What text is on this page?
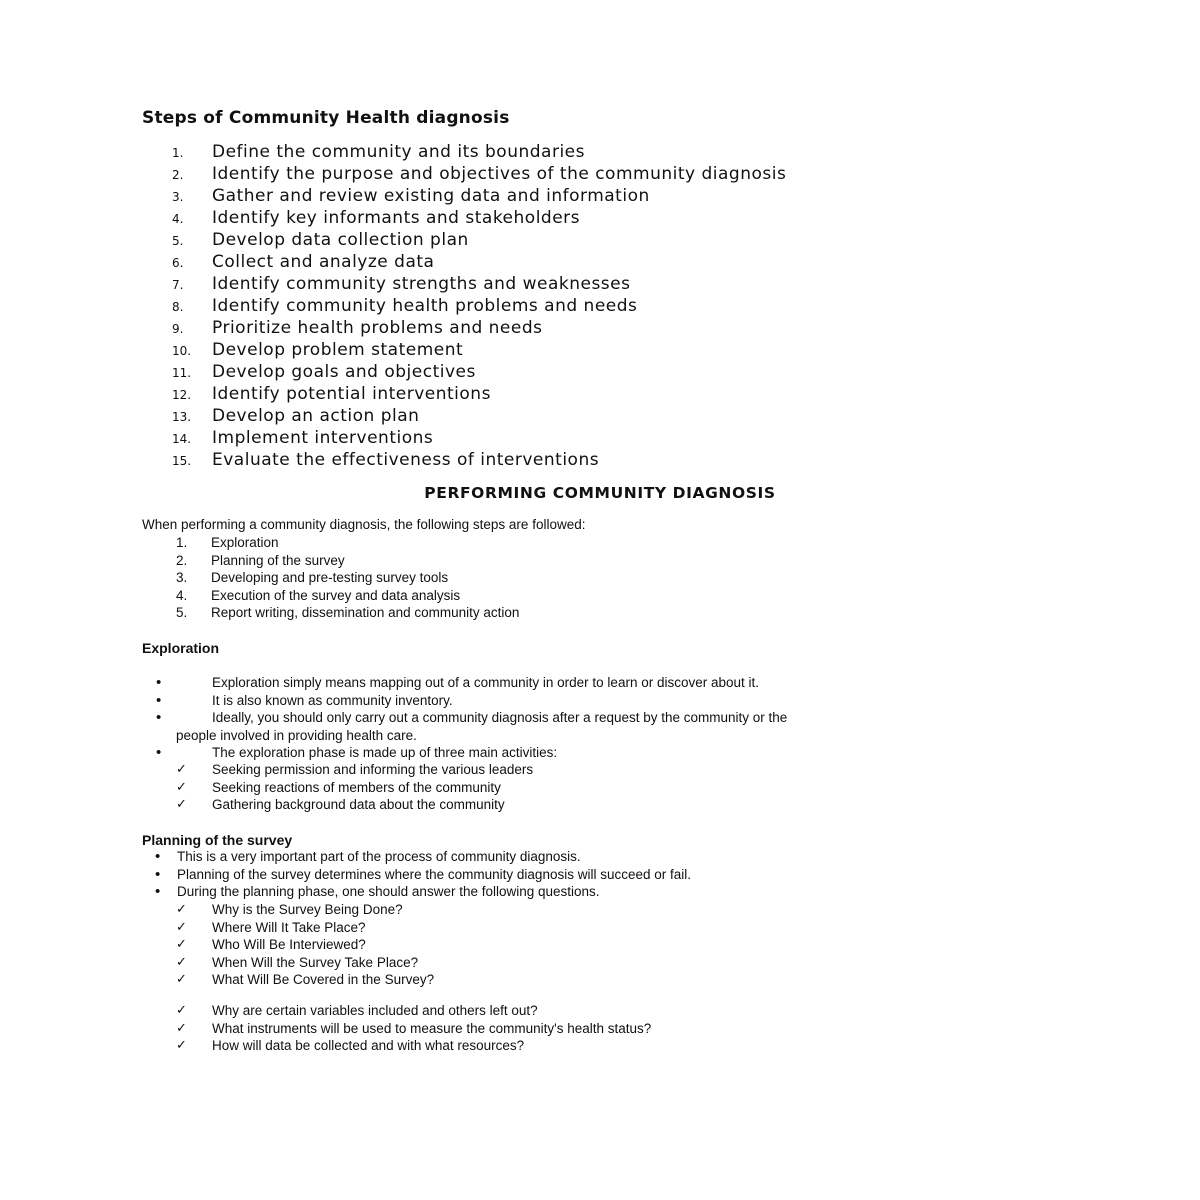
Steps of Community Health diagnosis
1. Define the community and its boundaries
2. Identify the purpose and objectives of the community diagnosis
3. Gather and review existing data and information
4. Identify key informants and stakeholders
5. Develop data collection plan
6. Collect and analyze data
7. Identify community strengths and weaknesses
8. Identify community health problems and needs
9. Prioritize health problems and needs
10. Develop problem statement
11. Develop goals and objectives
12. Identify potential interventions
13. Develop an action plan
14. Implement interventions
15. Evaluate the effectiveness of interventions
PERFORMING COMMUNITY DIAGNOSIS

When performing a community diagnosis, the following steps are followed:

1. Exploration
2. Planning of the survey
3. Developing and pre-testing survey tools
4. Execution of the survey and data analysis
5. Report writing, dissemination and community action
Exploration
•	Exploration simply means mapping out of a community in order to learn or discover about it.
•	It is also known as community inventory.
•	Ideally, you should only carry out a community diagnosis after a request by the community or the
people involved in providing health care.
•	The exploration phase is made up of three main activities:
✓ Seeking permission and informing the various leaders
✓ Seeking reactions of members of the community
✓ Gathering background data about the community
Planning of the survey
• This is a very important part of the process of community diagnosis.
• Planning of the survey determines where the community diagnosis will succeed or fail.
• During the planning phase, one should answer the following questions.
✓ Why is the Survey Being Done?
✓ Where Will It Take Place?
✓ Who Will Be Interviewed?
✓ When Will the Survey Take Place?
✓ What Will Be Covered in the Survey?
✓ Why are certain variables included and others left out?
✓ What instruments will be used to measure the community's health status?
✓ How will data be collected and with what resources?
